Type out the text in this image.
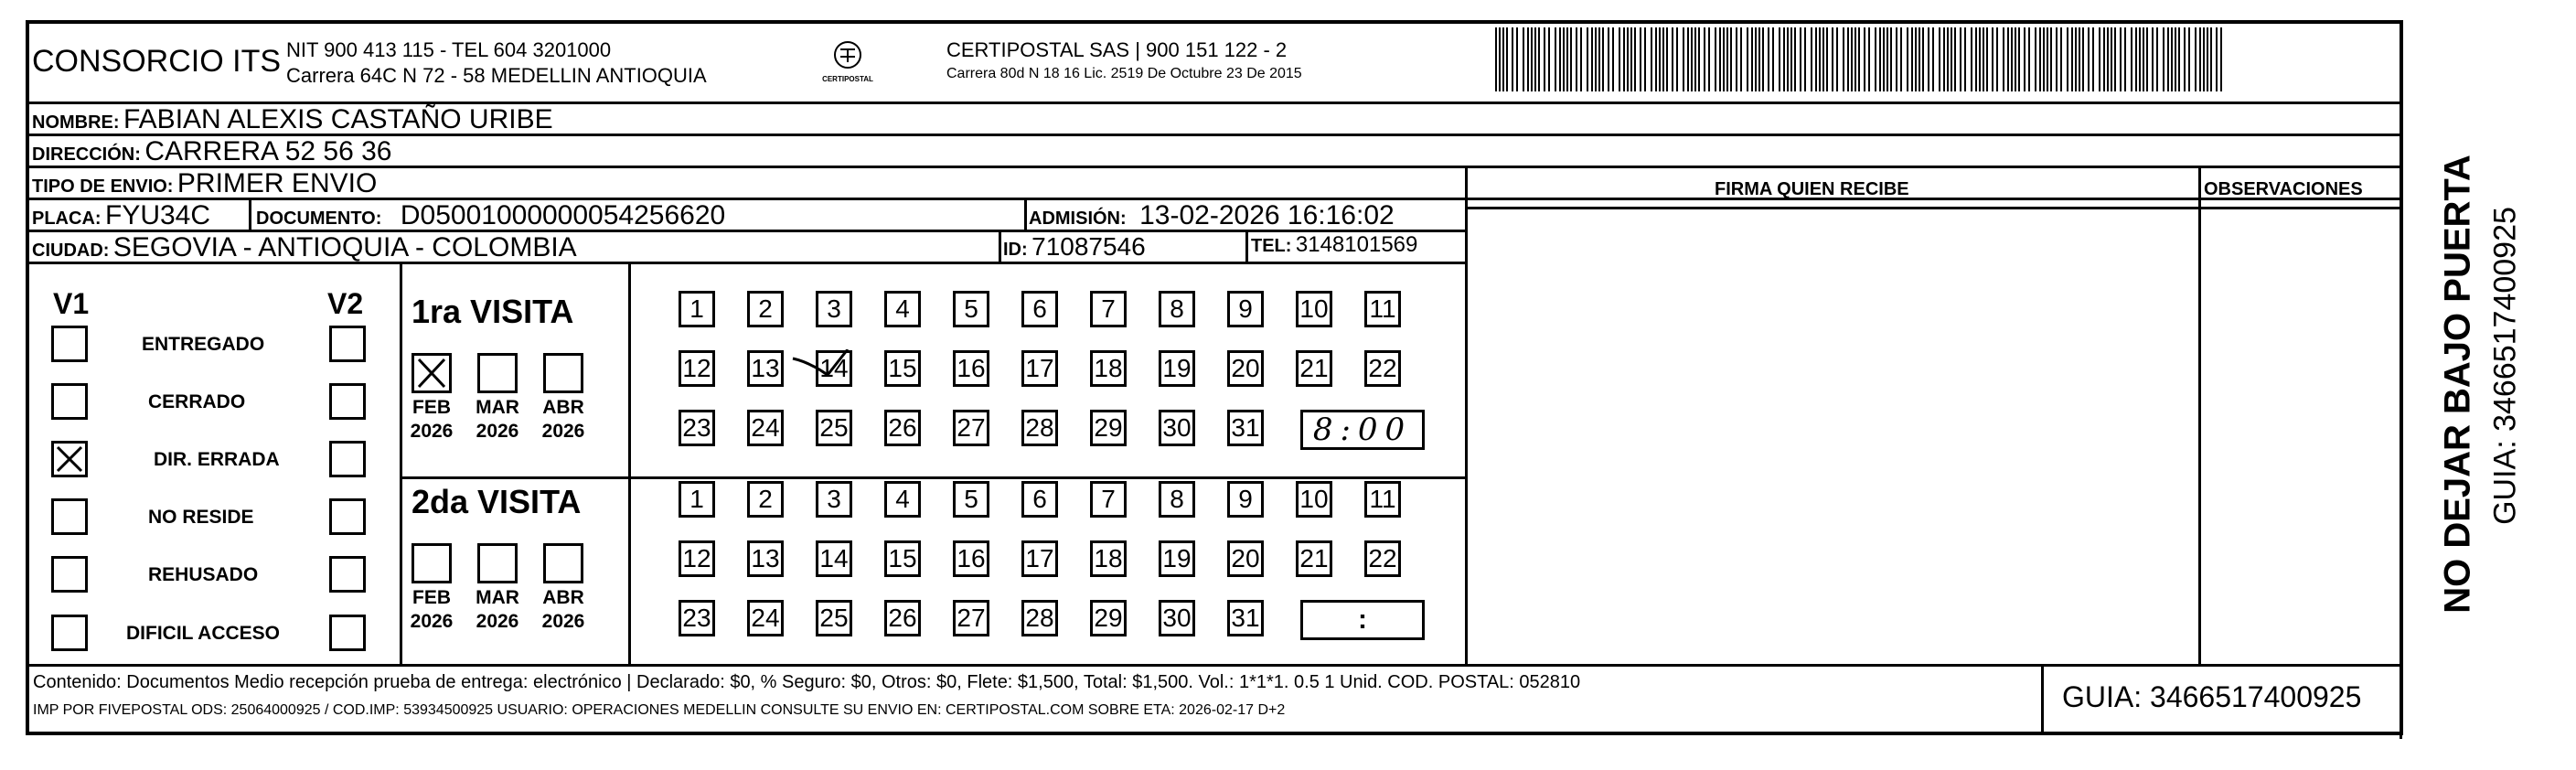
CONSORCIO ITS NIT 900 413 115 - TEL 604 3201000
Carrera 64C N 72 - 58 MEDELLIN ANTIOQUIA	CERTIPOSTAL
CERTIPOSTAL SAS | 900 151 122 - 2
Carrera 80d N 18 16 Lic. 2519 De Octubre 23 De 2015
NOMBRE: FABIAN ALEXIS CASTAÑO URIBE
DIRECCIÓN: CARRERA 52 56 36
TIPO DE ENVIO: PRIMER ENVIO
PLACA: FYU34C DOCUMENTO: D05001000000054256620	ADMISIÓN: 13-02-2026 16:16:02
CIUDAD: SEGOVIA - ANTIOQUIA - COLOMBIA	ID: 71087546	TEL: 3148101569
FIRMA QUIEN RECIBE	OBSERVACIONES
V1	V2
ENTREGADO
CERRADO
DIR. ERRADA
NO RESIDE
REHUSADO
DIFICIL ACCESO
1ra VISITA
2da VISITA
FEB
2026
MAR
2026
ABR
2026
1	2	3	4	5	6	7	8	9	10 11
12 13 14 15 16 17 18 19 20 21 22
23 24 25 26 27 28 29 30 31 8:00
FEB
2026
MAR
2026
ABR
2026
1	2	3	4	5	6	7	8	9	10 11
12 13 14 15 16 17 18 19 20 21 22
23 24 25 26 27 28 29 30 31	:
Contenido: Documentos Medio recepción prueba de entrega: electrónico | Declarado: $0, % Seguro: $0, Otros: $0, Flete: $1,500, Total: $1,500. Vol.: 1*1*1. 0.5 1 Unid. COD. POSTAL: 052810
IMP POR FIVEPOSTAL ODS: 25064000925 / COD.IMP: 53934500925 USUARIO: OPERACIONES MEDELLIN CONSULTE SU ENVIO EN: CERTIPOSTAL.COM SOBRE ETA: 2026-02-17 D+2	GUIA: 3466517400925
NO DEJAR BAJO PUERTA GUIA: 3466517400925
